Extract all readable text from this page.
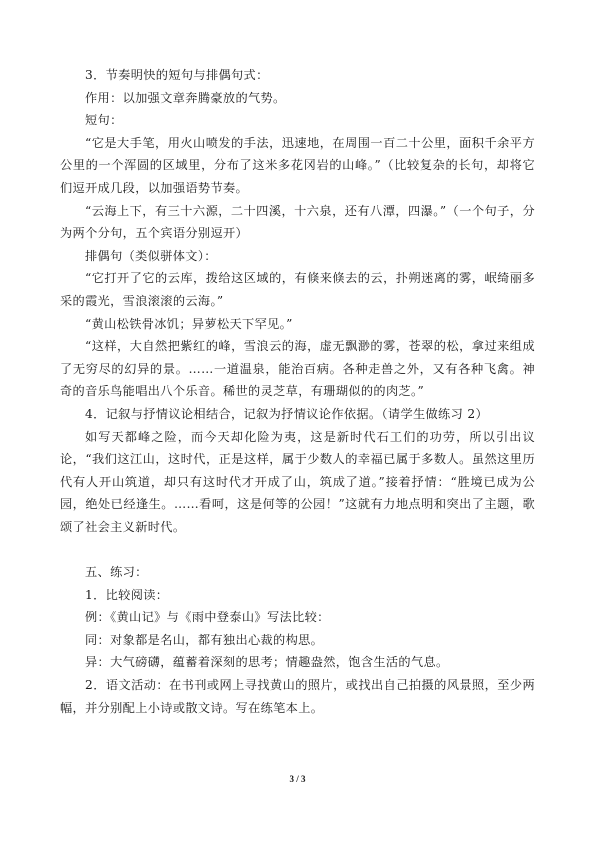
3．节奏明快的短句与排偶句式：

作用：以加强文章奔腾豪放的气势。

短句：

“它是大手笔，用火山喷发的手法，迅速地，在周围一百二十公里，面积千余平方公里的一个浑圆的区域里，分布了这米多花冈岩的山峰。”（比较复杂的长句，却将它们逗开成几段，以加强语势节奏。

“云海上下，有三十六源，二十四溪，十六泉，还有八潭，四瀑。”（一个句子，分为两个分句，五个宾语分别逗开）

排偶句（类似骈体文）：

“它打开了它的云库，拨给这区域的，有倏来倏去的云，扑朔迷离的雾，岷绮丽多采的霞光，雪浪滚滚的云海。”

“黄山松铁骨冰饥；异萝松天下罕见。”

“这样，大自然把紫红的峰，雪浪云的海，虚无飘渺的雾，苍翠的松，拿过来组成了无穷尽的幻异的景。……一道温泉，能治百病。各种走兽之外，又有各种飞禽。神奇的音乐鸟能唱出八个乐音。稀世的灵芝草，有珊瑚似的的肉芝。”

4．记叙与抒情议论相结合，记叙为抒情议论作依据。（请学生做练习 2）

如写天都峰之险，而今天却化险为夷，这是新时代石工们的功劳，所以引出议论，“我们这江山，这时代，正是这样，属于少数人的幸福已属于多数人。虽然这里历代有人开山筑道，却只有这时代才开成了山，筑成了道。”接着抒情：“胜境已成为公园，绝处已经逢生。……看呵，这是何等的公园！”这就有力地点明和突出了主题，歌颂了社会主义新时代。

五、练习：

1．比较阅读：

例：《黄山记》与《雨中登泰山》写法比较：

同：对象都是名山，都有独出心裁的构思。

异：大气磅礴，蕴蓄着深刻的思考；情趣盎然，饱含生活的气息。

2．语文活动：在书刊或网上寻找黄山的照片，或找出自己拍摄的风景照，至少两幅，并分别配上小诗或散文诗。写在练笔本上。

3 / 3
